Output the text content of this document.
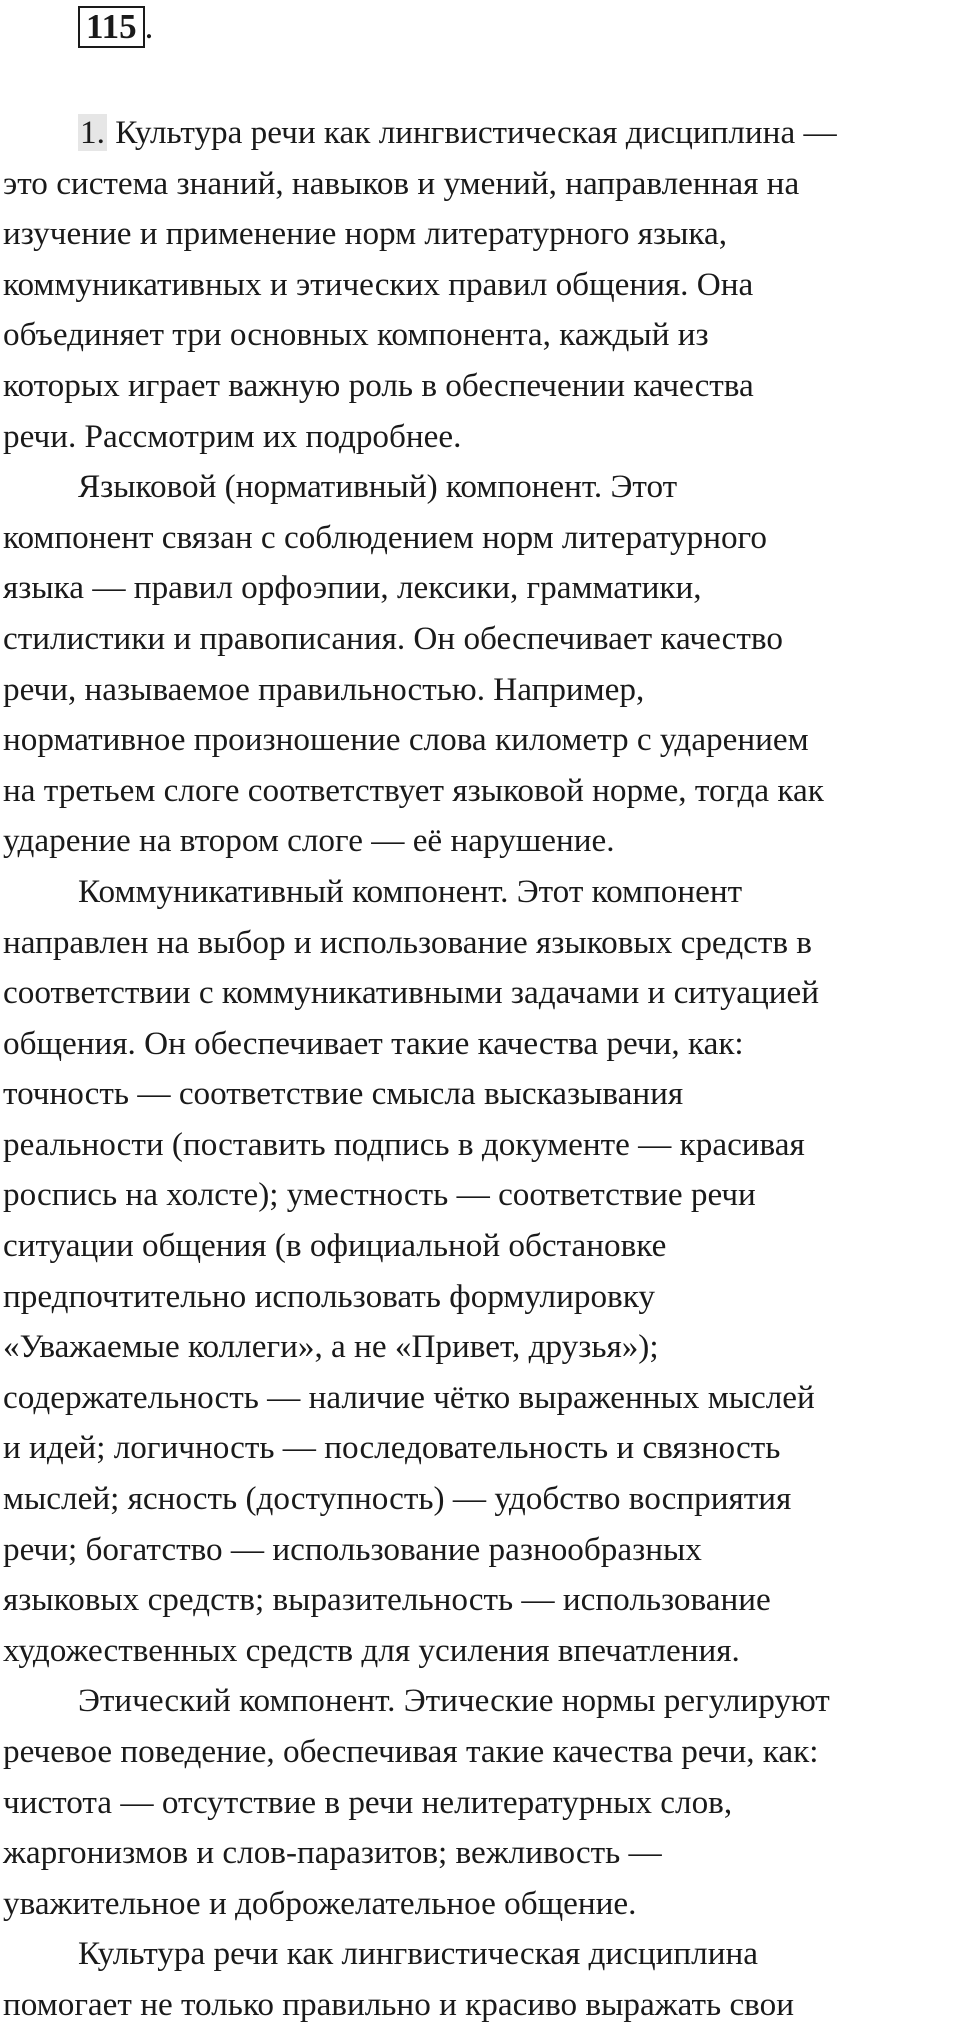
115 .
1. Культура речи как лингвистическая дисциплина —
это система знаний, навыков и умений, направленная на
изучение и применение норм литературного языка,
коммуникативных и этических правил общения. Она
объединяет три основных компонента, каждый из
которых играет важную роль в обеспечении качества
речи. Рассмотрим их подробнее.
Языковой (нормативный) компонент. Этот
компонент связан с соблюдением норм литературного
языка — правил орфоэпии, лексики, грамматики,
стилистики и правописания. Он обеспечивает качество
речи, называемое правильностью. Например,
нормативное произношение слова километр с ударением
на третьем слоге соответствует языковой норме, тогда как
ударение на втором слоге — её нарушение.
Коммуникативный компонент. Этот компонент
направлен на выбор и использование языковых средств в
соответствии с коммуникативными задачами и ситуацией
общения. Он обеспечивает такие качества речи, как:
точность — соответствие смысла высказывания
реальности (поставить подпись в документе — красивая
роспись на холсте); уместность — соответствие речи
ситуации общения (в официальной обстановке
предпочтительно использовать формулировку
«Уважаемые коллеги», а не «Привет, друзья»);
содержательность — наличие чётко выраженных мыслей
и идей; логичность — последовательность и связность
мыслей; ясность (доступность) — удобство восприятия
речи; богатство — использование разнообразных
языковых средств; выразительность — использование
художественных средств для усиления впечатления.
Этический компонент. Этические нормы регулируют
речевое поведение, обеспечивая такие качества речи, как:
чистота — отсутствие в речи нелитературных слов,
жаргонизмов и слов-паразитов; вежливость —
уважительное и доброжелательное общение.
Культура речи как лингвистическая дисциплина
помогает не только правильно и красиво выражать свои
